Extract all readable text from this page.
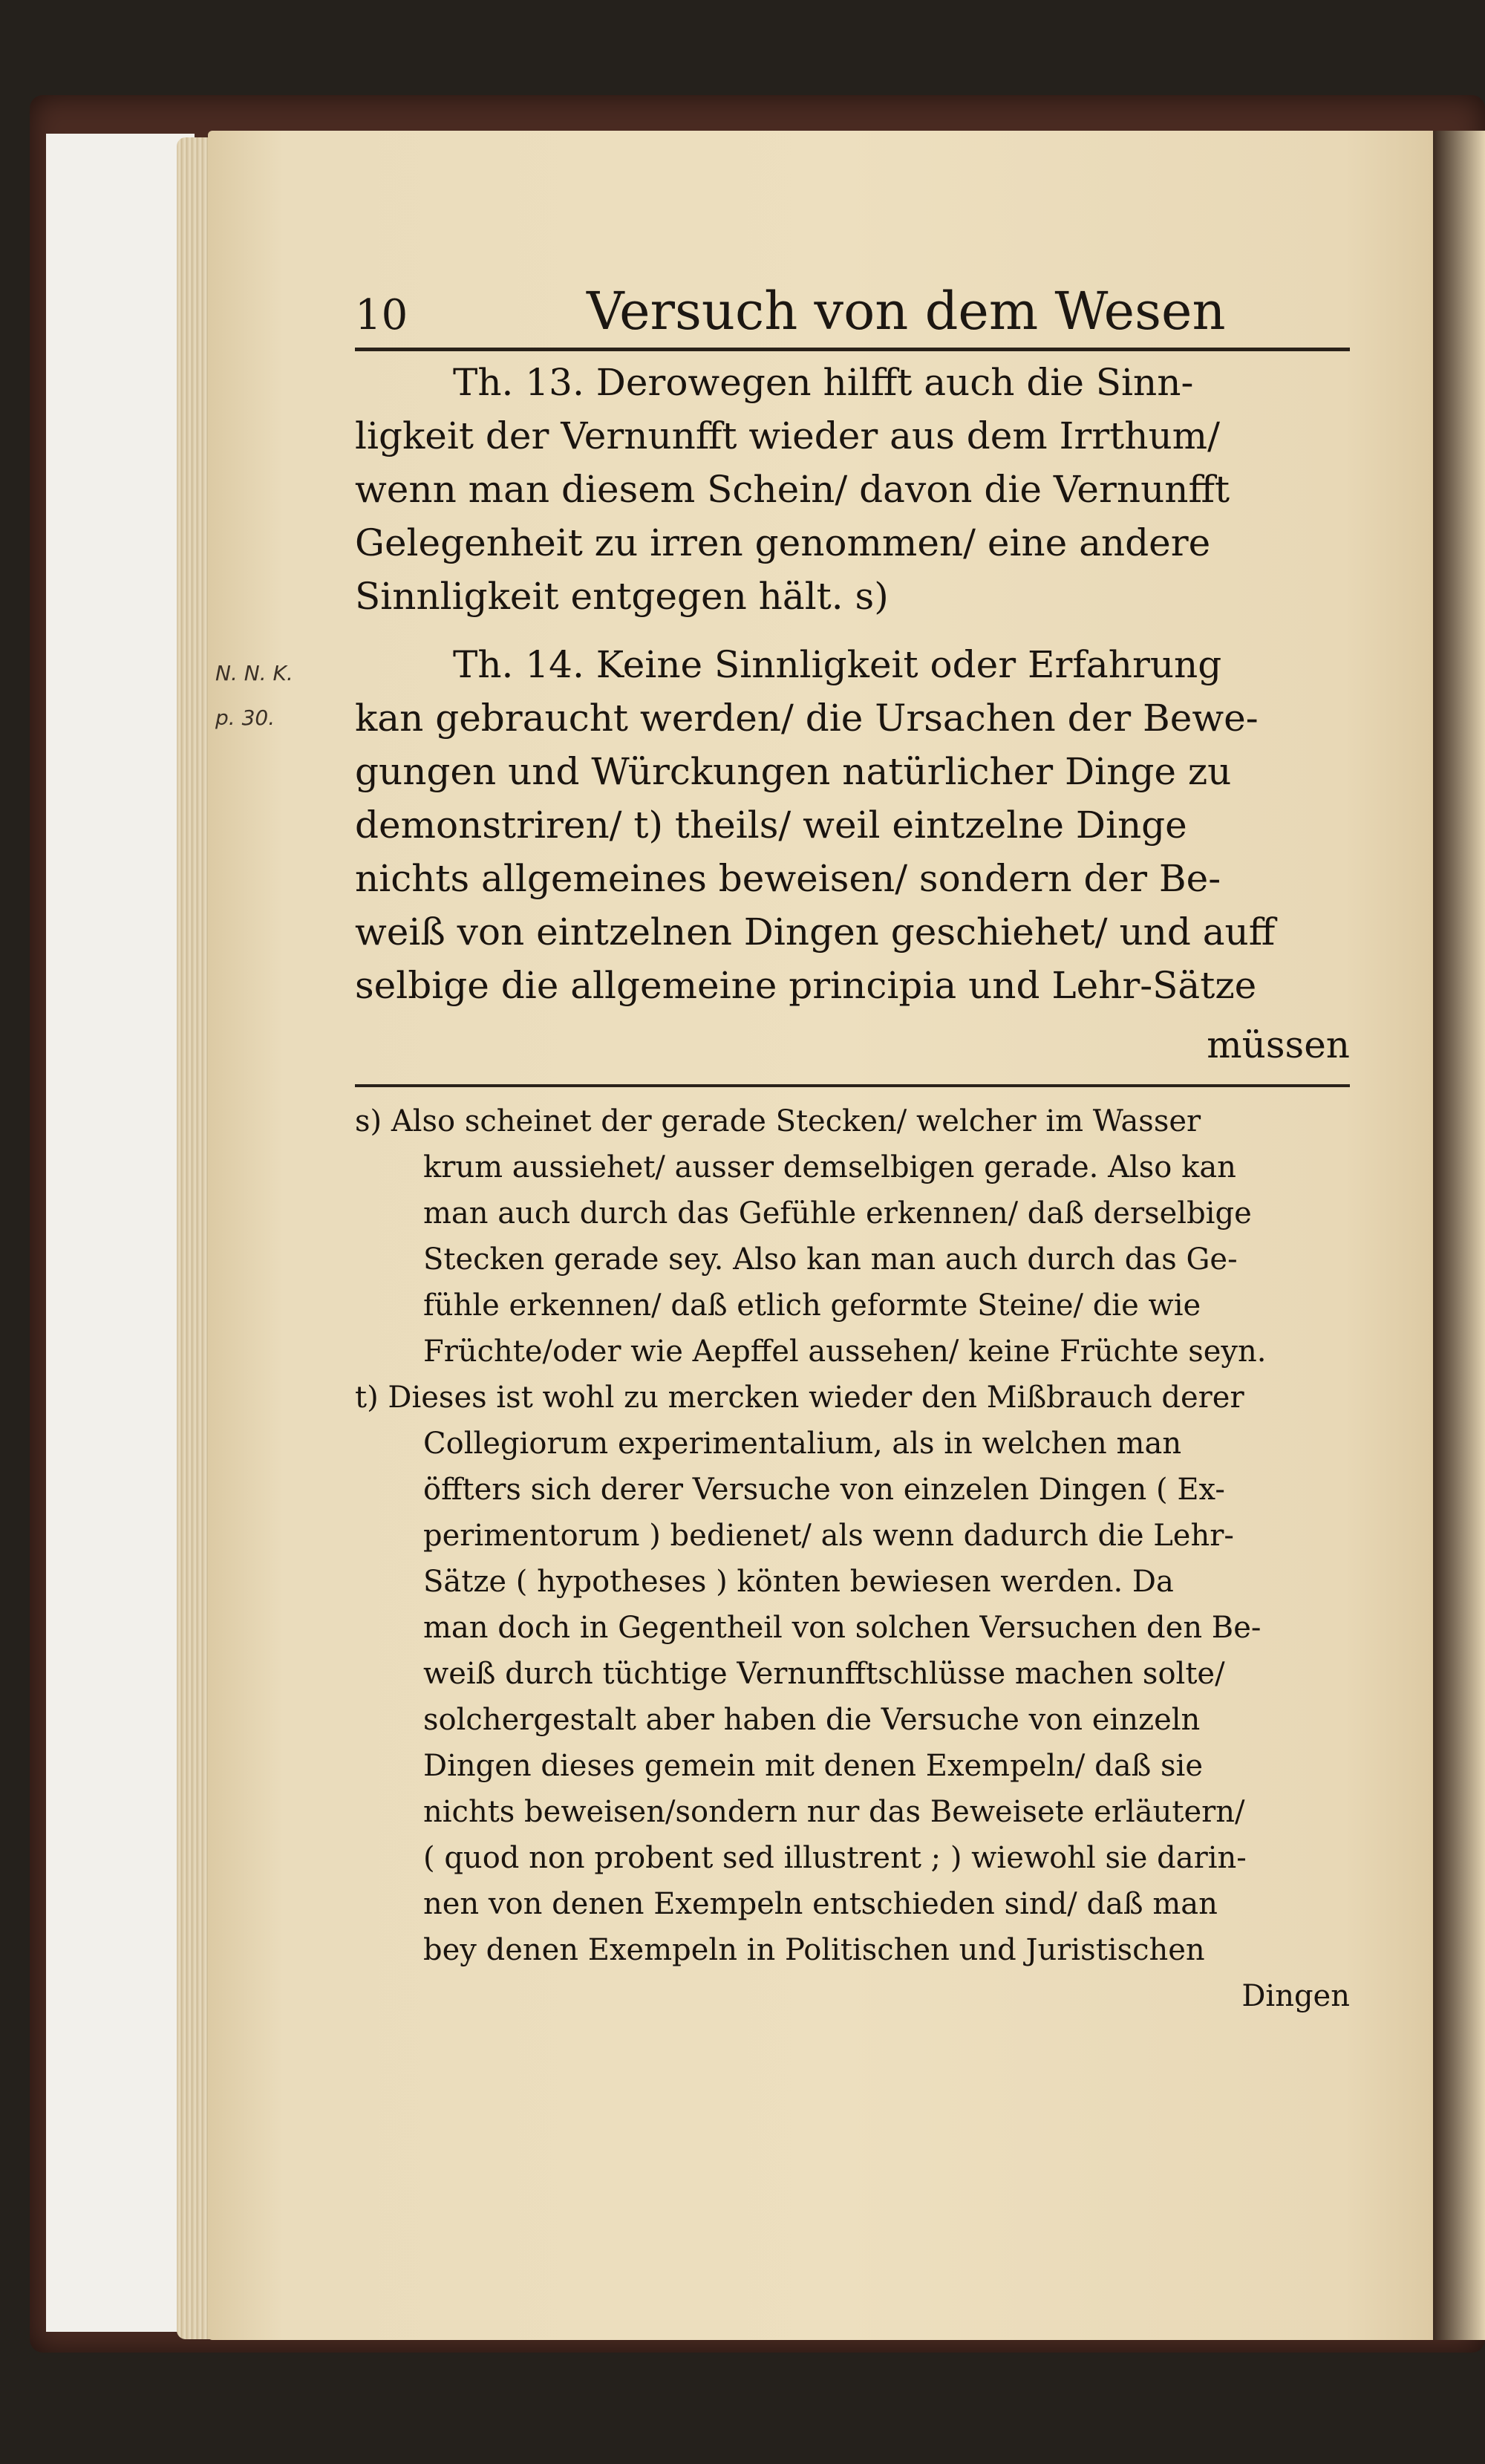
10	Versuch von dem Wesen
N. N. K.
p. 30.
Th. 13. Derowegen hilfft auch die Sinn-
ligkeit der Vernunfft wieder aus dem Irrthum/
wenn man diesem Schein/ davon die Vernunfft
Gelegenheit zu irren genommen/ eine andere
Sinnligkeit entgegen hält. s)
Th. 14. Keine Sinnligkeit oder Erfahrung
kan gebraucht werden/ die Ursachen der Bewe-
gungen und Würckungen natürlicher Dinge zu
demonstriren/ t) theils/ weil eintzelne Dinge
nichts allgemeines beweisen/ sondern der Be-
weiß von eintzelnen Dingen geschiehet/ und auff
selbige die allgemeine principia und Lehr-Sätze
müssen
s) Also scheinet der gerade Stecken/ welcher im Wasser
krum aussiehet/ ausser demselbigen gerade. Also kan
man auch durch das Gefühle erkennen/ daß derselbige
Stecken gerade sey. Also kan man auch durch das Ge-
fühle erkennen/ daß etlich geformte Steine/ die wie
Früchte/oder wie Aepffel aussehen/ keine Früchte seyn.
t) Dieses ist wohl zu mercken wieder den Mißbrauch derer
Collegiorum experimentalium, als in welchen man
öffters sich derer Versuche von einzelen Dingen ( Ex-
perimentorum ) bedienet/ als wenn dadurch die Lehr-
Sätze ( hypotheses ) könten bewiesen werden. Da
man doch in Gegentheil von solchen Versuchen den Be-
weiß durch tüchtige Vernunfftschlüsse machen solte/
solchergestalt aber haben die Versuche von einzeln
Dingen dieses gemein mit denen Exempeln/ daß sie
nichts beweisen/sondern nur das Beweisete erläutern/
( quod non probent sed illustrent ; ) wiewohl sie darin-
nen von denen Exempeln entschieden sind/ daß man
bey denen Exempeln in Politischen und Juristischen
Dingen
